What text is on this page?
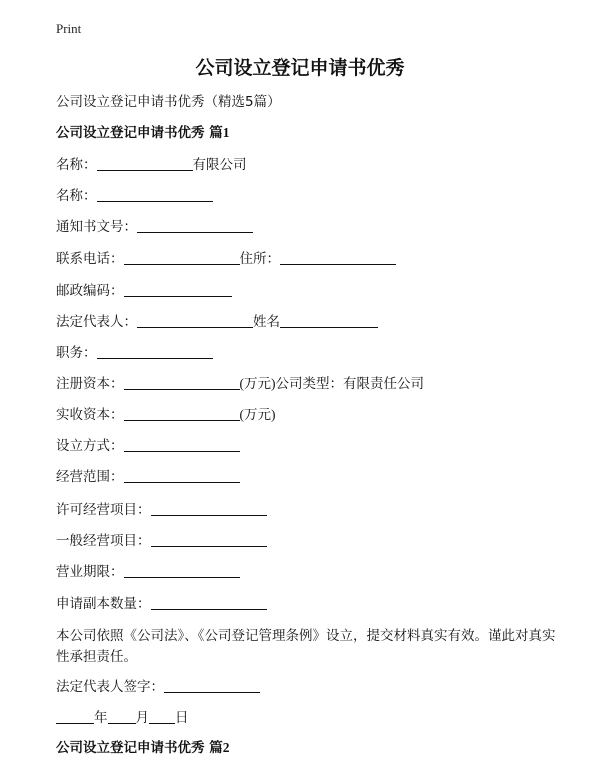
Print
公司设立登记申请书优秀
公司设立登记申请书优秀（精选5篇）
公司设立登记申请书优秀 篇1
名称：	有限公司
名称：
通知书文号：
联系电话：	住所：
邮政编码：
法定代表人：	姓名
职务：
注册资本：	(万元)公司类型：有限责任公司
实收资本：	(万元)
设立方式：
经营范围：
许可经营项目：
一般经营项目：
营业期限：
申请副本数量：
本公司依照《公司法》、《公司登记管理条例》设立，提交材料真实有效。谨此对真实性承担责任。
法定代表人签字：
年 月 日
公司设立登记申请书优秀 篇2
